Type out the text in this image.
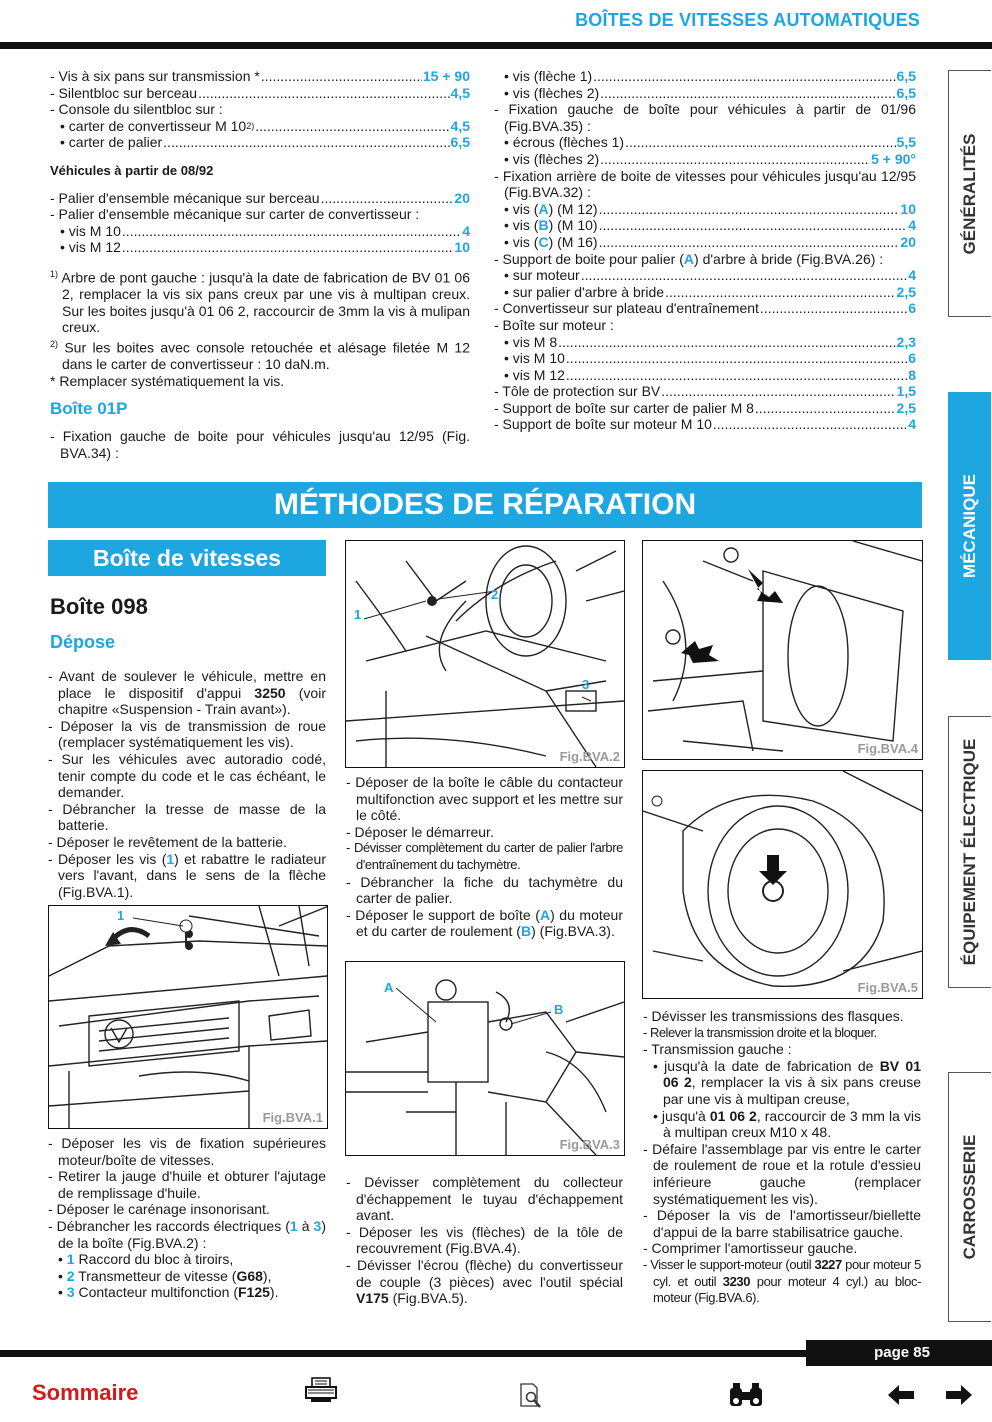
BOÎTES DE VITESSES AUTOMATIQUES
- Vis à six pans sur transmission * .....	15 + 90
- Silentbloc sur berceau .....	4,5
- Console du silentbloc sur :
• carter de convertisseur M 10 2) .....	4,5
• carter de palier .....	6,5
Véhicules à partir de 08/92
- Palier d'ensemble mécanique sur berceau .....	20
- Palier d'ensemble mécanique sur carter de convertisseur :
• vis M 10 .....	4
• vis M 12 .....	10
$^{1)}$ Arbre de pont gauche : jusqu'à la date de fabrication de BV 01 06 2, remplacer la vis six pans creux par une vis à multipan creux. Sur les boites jusqu'à 01 06 2, raccourcir de 3mm la vis à mulipan creux.
$^{2)}$ Sur les boites avec console retouchée et alésage filetée M 12 dans le carter de convertisseur : 10 daN.m.
* Remplacer systématiquement la vis.
Boîte 01P
- Fixation gauche de boite pour véhicules jusqu'au 12/95 (Fig. BVA.34) :
• vis (flèche 1) .....	6,5
• vis (flèches 2) .....	6,5
- Fixation gauche de boîte pour véhicules à partir de 01/96 (Fig.BVA.35) :
• écrous (flèches 1) .....	5,5
• vis (flèches 2) .....	5 + 90°
- Fixation arrière de boite de vitesses pour véhicules jusqu'au 12/95 (Fig.BVA.32) :
• vis (A) (M 12) .....	10
• vis (B) (M 10) .....	4
• vis (C) (M 16) .....	20
- Support de boite pour palier (A) d'arbre à bride (Fig.BVA.26) :
• sur moteur .....	4
• sur palier d'arbre à bride .....	2,5
- Convertisseur sur plateau d'entraînement .....	6
- Boîte sur moteur :
• vis M 8 .....	2,3
• vis M 10 .....	6
• vis M 12 .....	8
- Tôle de protection sur BV .....	1,5
- Support de boîte sur carter de palier M 8 .....	2,5
- Support de boîte sur moteur M 10 .....	4
MÉTHODES DE RÉPARATION
Boîte de vitesses
Boîte 098
Dépose
- Avant de soulever le véhicule, mettre en place le dispositif d'appui 3250 (voir chapitre «Suspension - Train avant»).
- Déposer la vis de transmission de roue (remplacer systématiquement les vis).
- Sur les véhicules avec autoradio codé, tenir compte du code et le cas échéant, le demander.
- Débrancher la tresse de masse de la batterie.
- Déposer le revêtement de la batterie.
- Déposer les vis (1) et rabattre le radiateur vers l'avant, dans le sens de la flèche (Fig.BVA.1).
- Déposer les vis de fixation supérieures moteur/boîte de vitesses.
- Retirer la jauge d'huile et obturer l'ajutage de remplissage d'huile.
- Déposer le carénage insonorisant.
- Débrancher les raccords électriques (1 à 3) de la boîte (Fig.BVA.2) :
• 1 Raccord du bloc à tiroirs,
• 2 Transmetteur de vitesse (G68),
• 3 Contacteur multifonction (F125).
- Déposer de la boîte le câble du contacteur multifonction avec support et les mettre sur le côté.
- Déposer le démarreur.
- Dévisser complètement du carter de palier l'arbre d'entraînement du tachymètre.
- Débrancher la fiche du tachymètre du carter de palier.
- Déposer le support de boîte (A) du moteur et du carter de roulement (B) (Fig.BVA.3).
- Dévisser complètement du collecteur d'échappement le tuyau d'échappement avant.
- Déposer les vis (flèches) de la tôle de recouvrement (Fig.BVA.4).
- Dévisser l'écrou (flèche) du convertisseur de couple (3 pièces) avec l'outil spécial V175 (Fig.BVA.5).
- Dévisser les transmissions des flasques.
- Relever la transmission droite et la bloquer.
- Transmission gauche :
• jusqu'à la date de fabrication de BV 01 06 2, remplacer la vis à six pans creuse par une vis à multipan creuse,
• jusqu'à 01 06 2, raccourcir de 3 mm la vis à multipan creux M10 x 48.
- Défaire l'assemblage par vis entre le carter de roulement de roue et la rotule d'essieu inférieure gauche (remplacer systématiquement les vis).
- Déposer la vis de l'amortisseur/biellette d'appui de la barre stabilisatrice gauche.
- Comprimer l'amortisseur gauche.
- Visser le support-moteur (outil 3227 pour moteur 5 cyl. et outil 3230 pour moteur 4 cyl.) au bloc-moteur (Fig.BVA.6).
1
Fig.BVA.1
1
2
3
Fig.BVA.2
A
B
Fig.BVA.3
Fig.BVA.4
Fig.BVA.5
GÉNÉRALITÉS
MÉCANIQUE
ÉQUIPEMENT ÉLECTRIQUE
CARROSSERIE
page 85
Sommaire
